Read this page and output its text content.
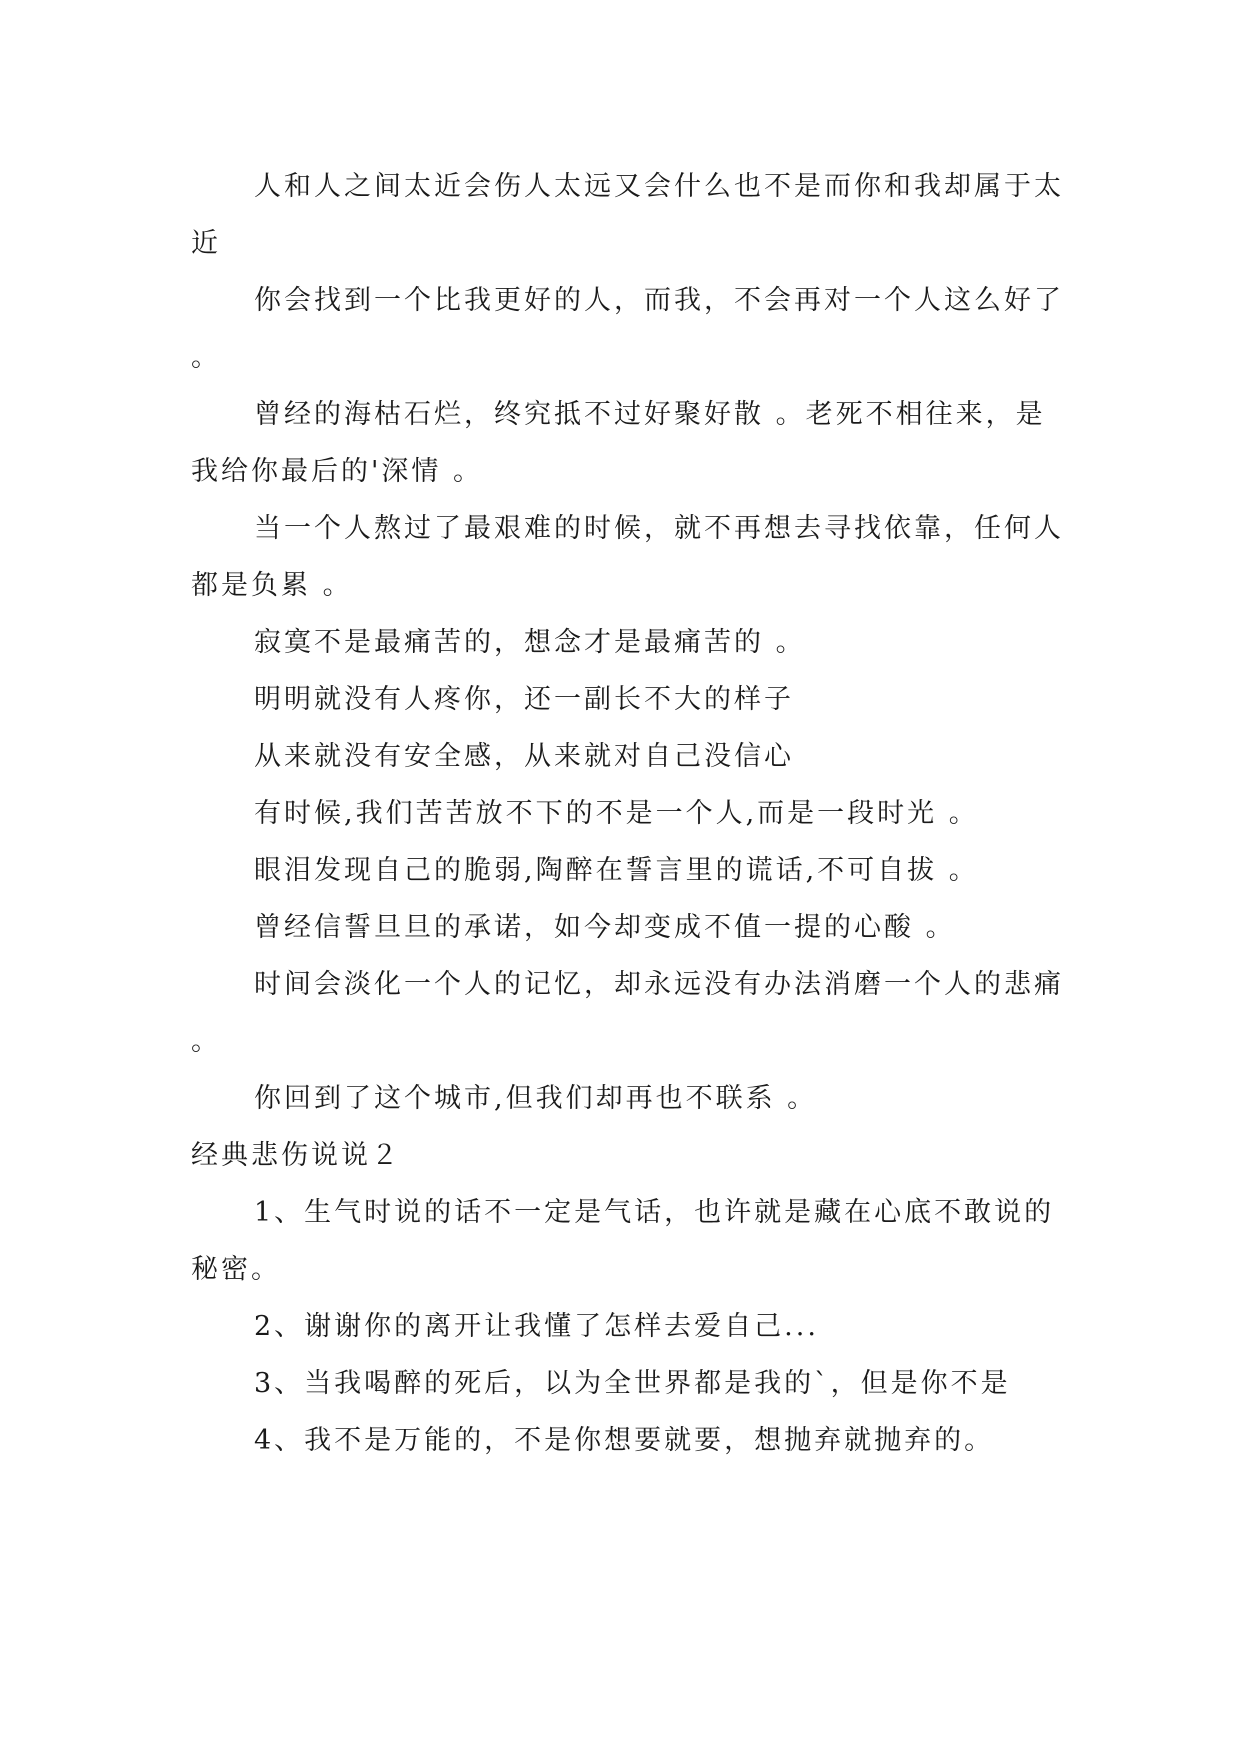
人和人之间太近会伤人太远又会什么也不是而你和我却属于太近

你会找到一个比我更好的人，而我，不会再对一个人这么好了 。

曾经的海枯石烂，终究抵不过好聚好散 。老死不相往来，是我给你最后的'深情 。

当一个人熬过了最艰难的时候，就不再想去寻找依靠，任何人都是负累 。

寂寞不是最痛苦的，想念才是最痛苦的 。

明明就没有人疼你，还一副长不大的样子

从来就没有安全感，从来就对自己没信心

有时候,我们苦苦放不下的不是一个人,而是一段时光 。

眼泪发现自己的脆弱,陶醉在誓言里的谎话,不可自拔 。

曾经信誓旦旦的承诺，如今却变成不值一提的心酸 。

时间会淡化一个人的记忆，却永远没有办法消磨一个人的悲痛 。

你回到了这个城市,但我们却再也不联系 。

经典悲伤说说２

1、生气时说的话不一定是气话，也许就是藏在心底不敢说的秘密。

2、谢谢你的离开让我懂了怎样去爱自己...

3、当我喝醉的死后，以为全世界都是我的`，但是你不是

4、我不是万能的，不是你想要就要，想抛弃就抛弃的。
